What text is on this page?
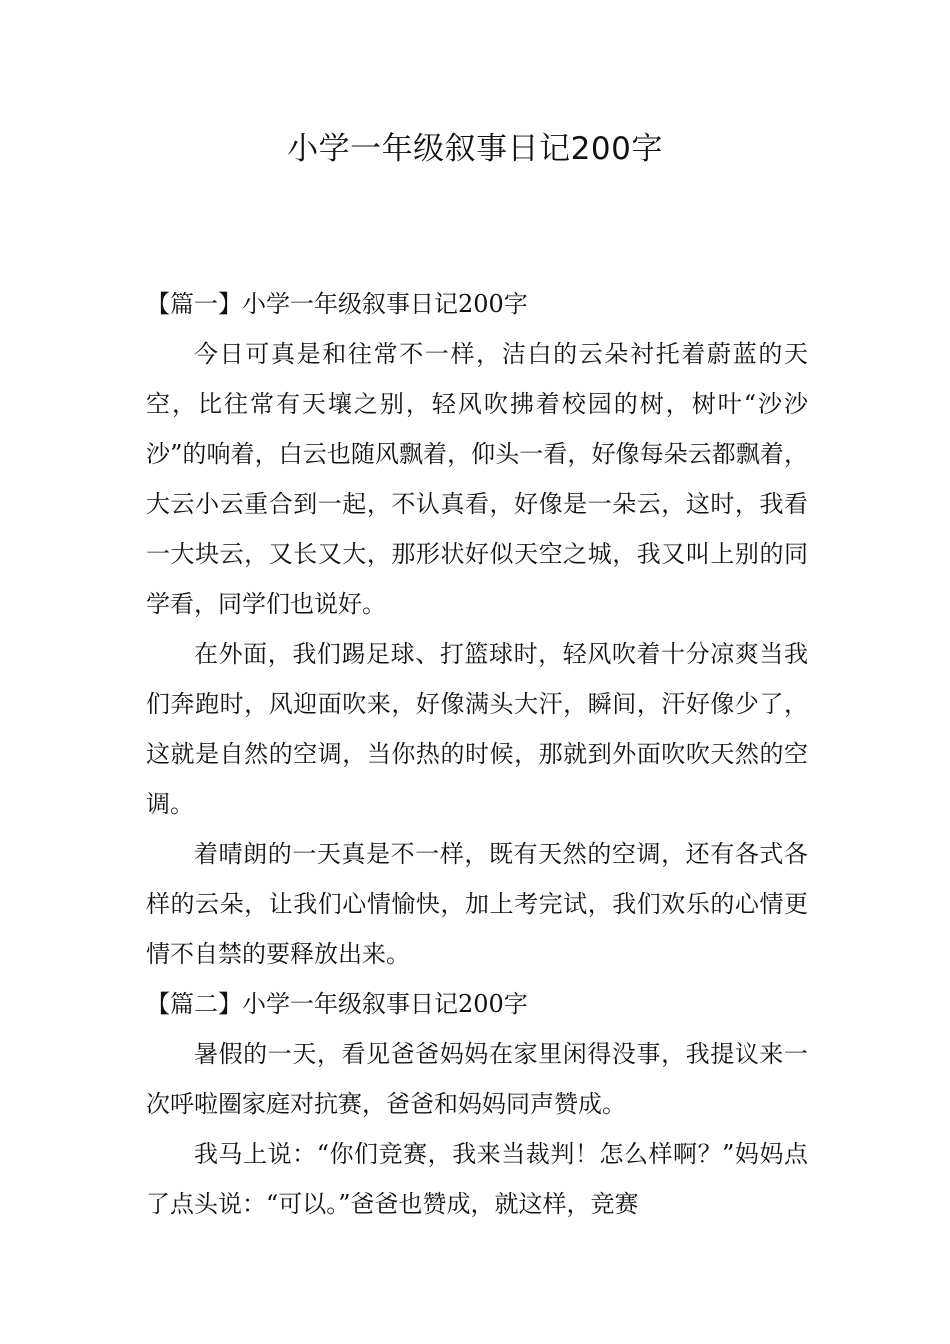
小学一年级叙事日记200字

【篇一】小学一年级叙事日记200字

今日可真是和往常不一样，洁白的云朵衬托着蔚蓝的天空，比往常有天壤之别，轻风吹拂着校园的树，树叶“沙沙沙”的响着，白云也随风飘着，仰头一看，好像每朵云都飘着，大云小云重合到一起，不认真看，好像是一朵云，这时，我看一大块云，又长又大，那形状好似天空之城，我又叫上别的同学看，同学们也说好。

在外面，我们踢足球、打篮球时，轻风吹着十分凉爽当我们奔跑时，风迎面吹来，好像满头大汗，瞬间，汗好像少了，这就是自然的空调，当你热的时候，那就到外面吹吹天然的空调。

着晴朗的一天真是不一样，既有天然的空调，还有各式各样的云朵，让我们心情愉快，加上考完试，我们欢乐的心情更情不自禁的要释放出来。

【篇二】小学一年级叙事日记200字

暑假的一天，看见爸爸妈妈在家里闲得没事，我提议来一次呼啦圈家庭对抗赛，爸爸和妈妈同声赞成。

我马上说：“你们竞赛，我来当裁判！怎么样啊？”妈妈点了点头说：“可以。”爸爸也赞成，就这样，竞赛
